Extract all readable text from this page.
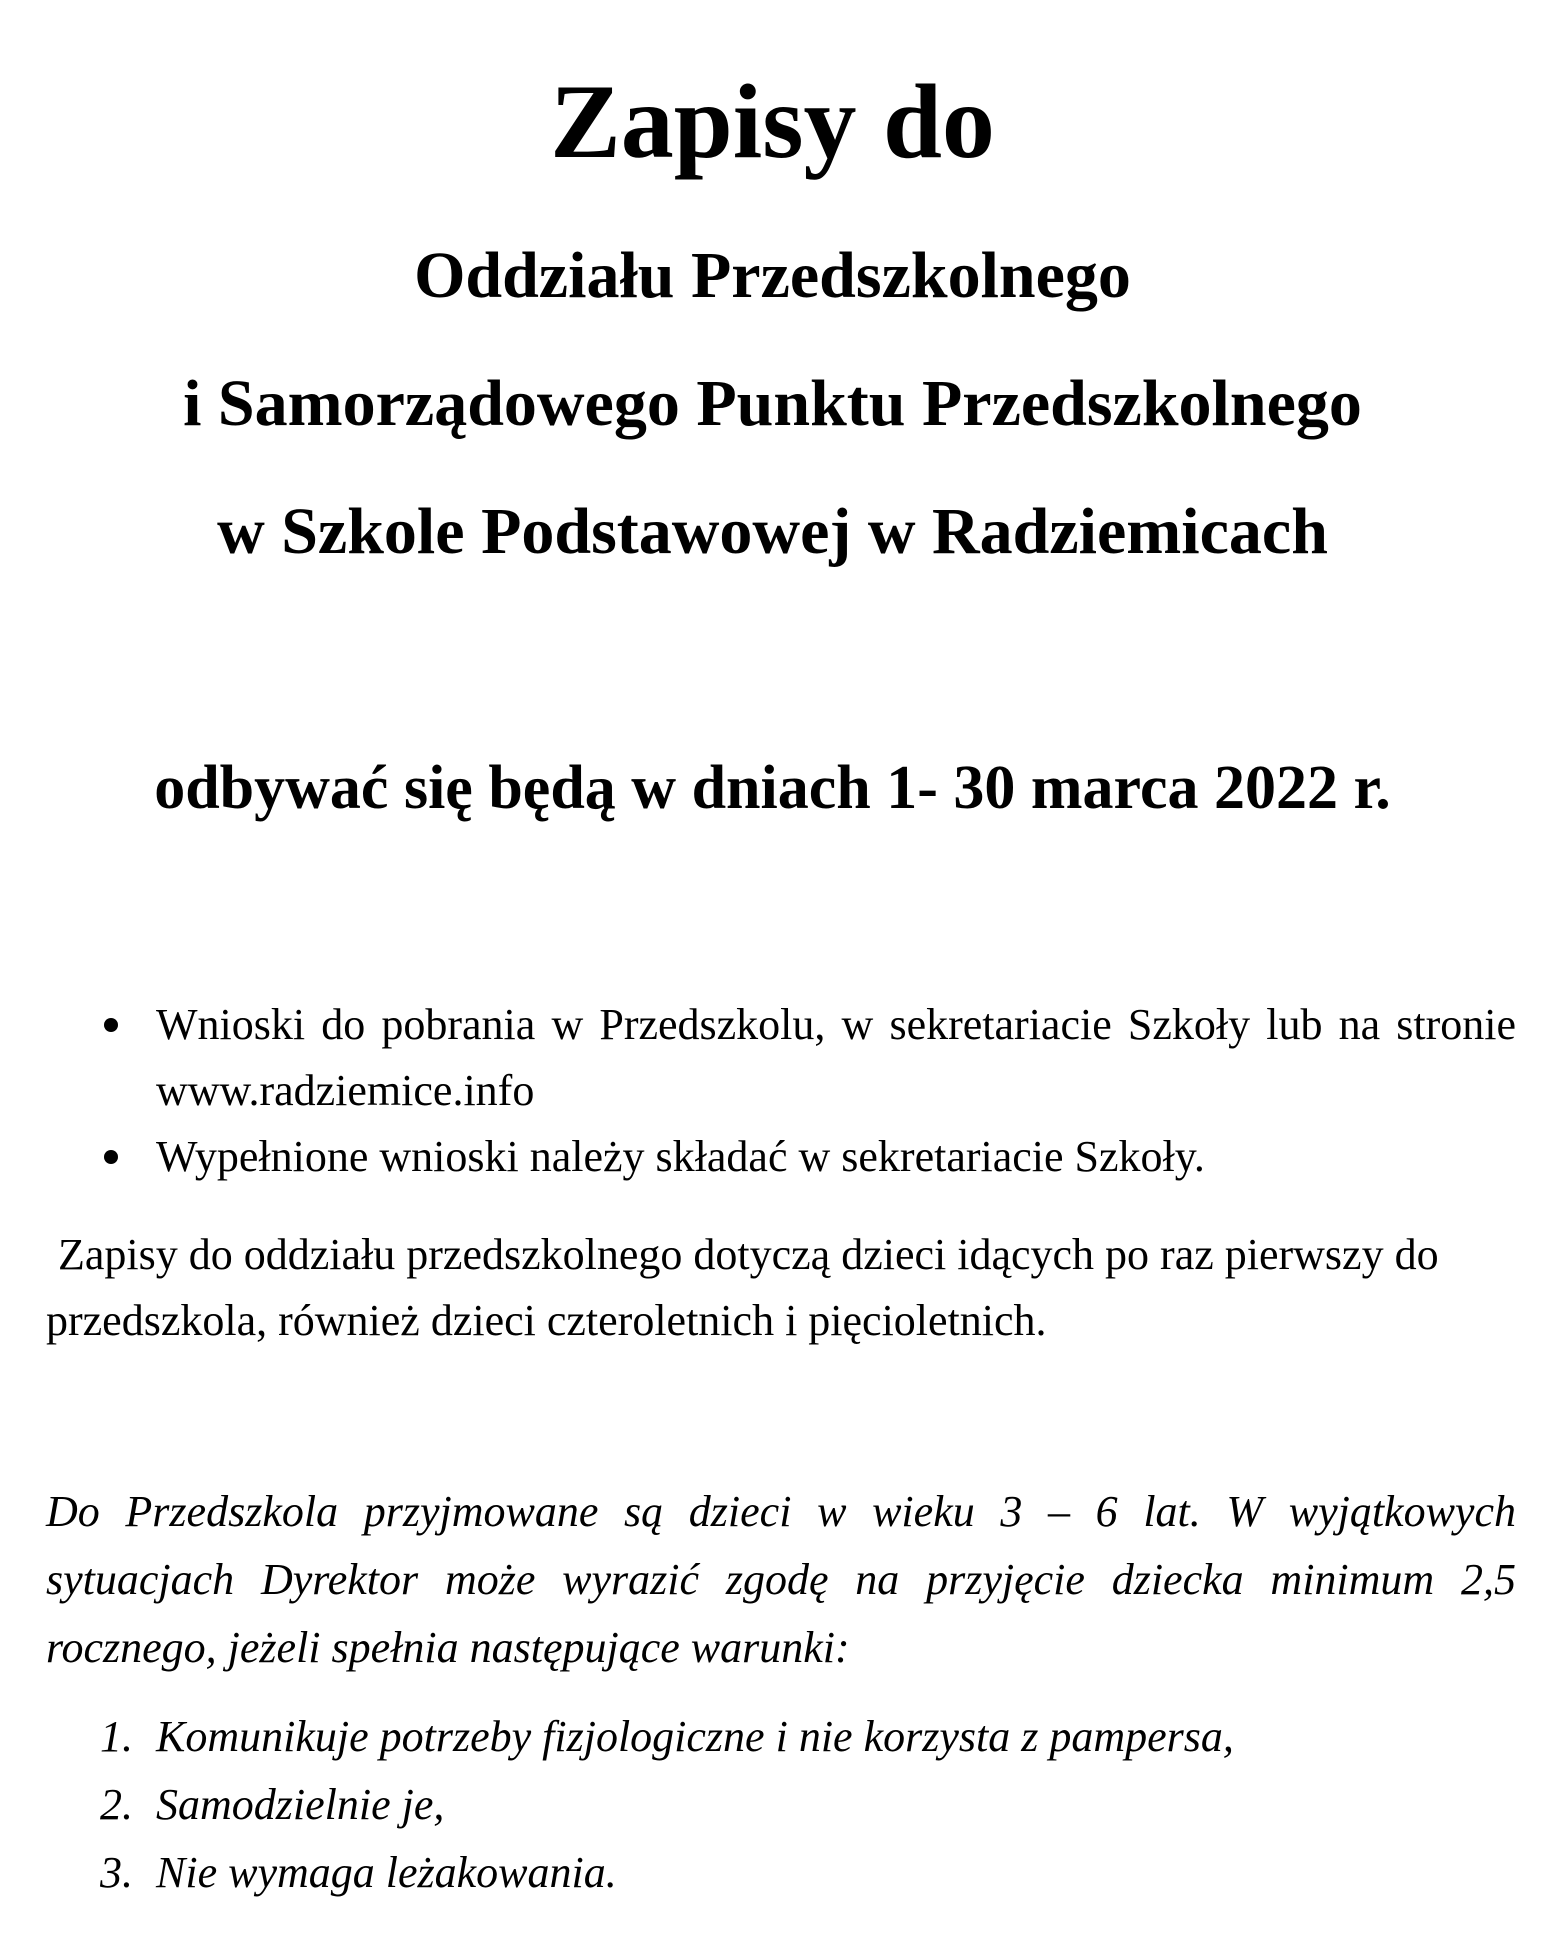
Zapisy do
Oddziału Przedszkolnego
i Samorządowego Punktu Przedszkolnego
w Szkole Podstawowej w Radziemicach

odbywać się będą w dniach 1- 30 marca 2022 r.

Wnioski do pobrania w Przedszkolu, w sekretariacie Szkoły lub na stronie www.radziemice.info
Wypełnione wnioski należy składać w sekretariacie Szkoły.

Zapisy do oddziału przedszkolnego dotyczą dzieci idących po raz pierwszy do przedszkola, również dzieci czteroletnich i pięcioletnich.

Do Przedszkola przyjmowane są dzieci w wieku 3 – 6 lat. W wyjątkowych sytuacjach Dyrektor może wyrazić zgodę na przyjęcie dziecka minimum 2,5 rocznego, jeżeli spełnia następujące warunki:

1. Komunikuje potrzeby fizjologiczne i nie korzysta z pampersa,
2. Samodzielnie je,
3. Nie wymaga leżakowania.
